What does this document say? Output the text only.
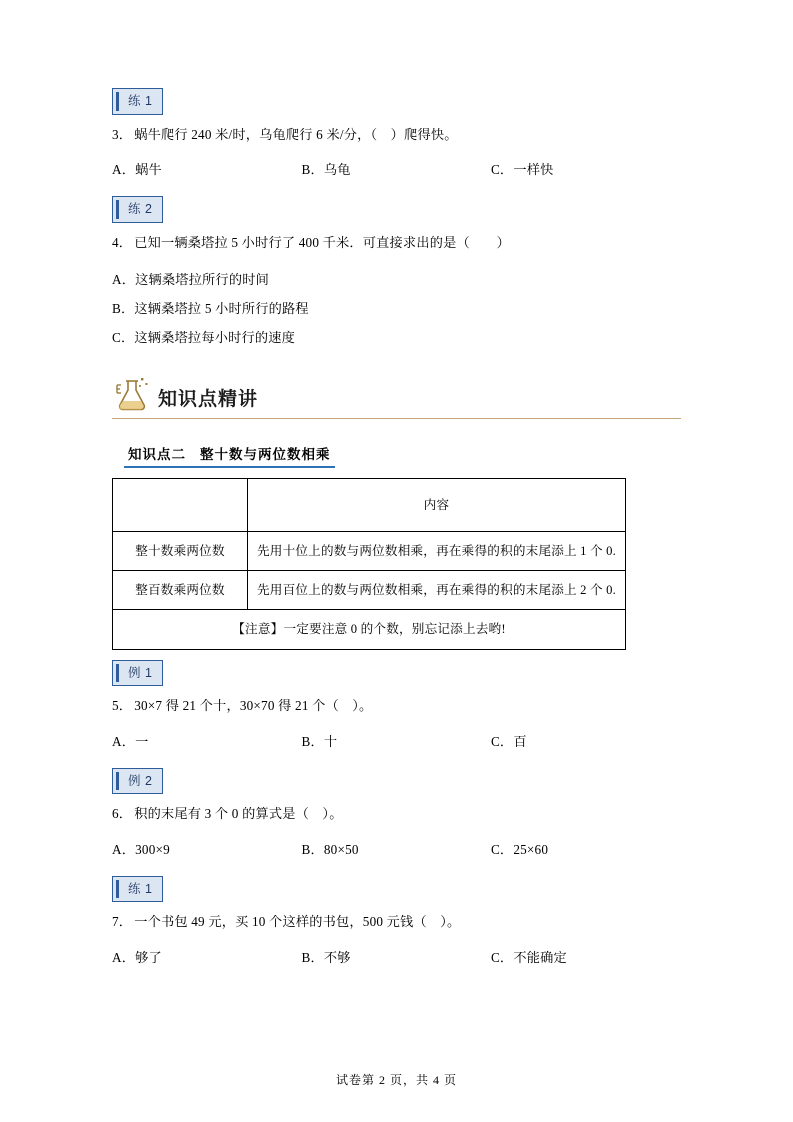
练 1

3． 蜗牛爬行 240 米/时，乌龟爬行 6 米/分，（　）爬得快。

A．蜗牛	B．乌龟	C．一样快
练 2

4． 已知一辆桑塔拉 5 小时行了 400 千米．可直接求出的是（　　）

A．这辆桑塔拉所行的时间
B．这辆桑塔拉 5 小时所行的路程
C．这辆桑塔拉每小时行的速度
知识点精讲
知识点二 整十数与两位数相乘
	内容
整十数乘两位数	先用十位上的数与两位数相乘，再在乘得的积的末尾添上 1 个 0.
整百数乘两位数	先用百位上的数与两位数相乘，再在乘得的积的末尾添上 2 个 0.
【注意】一定要注意 0 的个数，别忘记添上去哟!	
例 1

5． 30×7 得 21 个十，30×70 得 21 个（　）。

A．一	B．十	C．百
例 2

6． 积的末尾有 3 个 0 的算式是（　）。

A．300×9	B．80×50	C．25×60
练 1

7． 一个书包 49 元，买 10 个这样的书包，500 元钱（　）。

A．够了	B．不够	C．不能确定
试卷第 2 页，共 4 页
